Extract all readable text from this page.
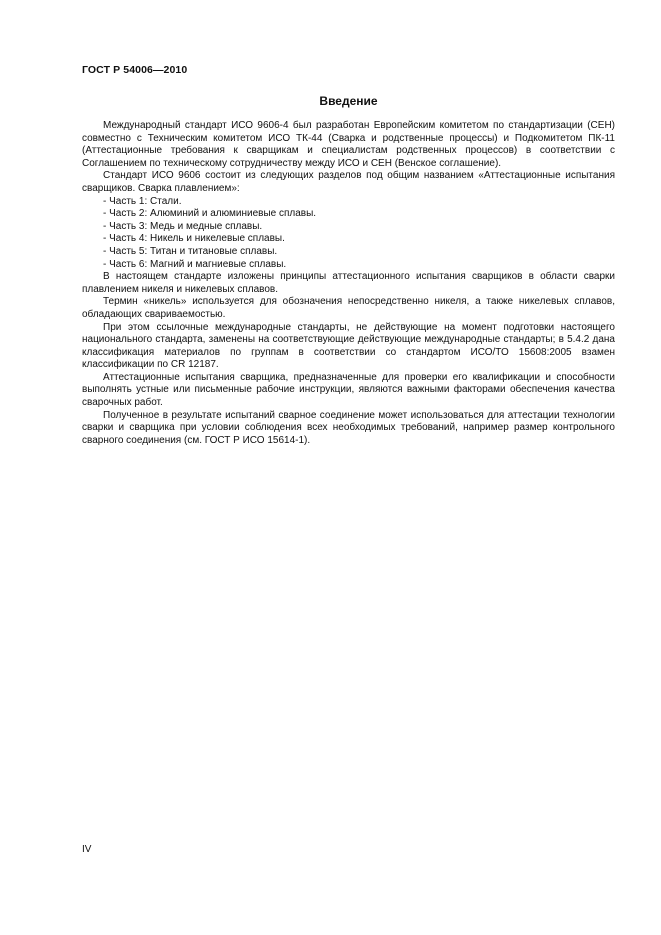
ГОСТ Р 54006—2010
Введение

Международный стандарт ИСО 9606-4 был разработан Европейским комитетом по стандартизации (СЕН) совместно с Техническим комитетом ИСО ТК-44 (Сварка и родственные процессы) и Подкомитетом ПК-11 (Аттестационные требования к сварщикам и специалистам родственных процессов) в соответствии с Соглашением по техническому сотрудничеству между ИСО и СЕН (Венское соглашение).

Стандарт ИСО 9606 состоит из следующих разделов под общим названием «Аттестационные испытания сварщиков. Сварка плавлением»:

- Часть 1: Стали.

- Часть 2: Алюминий и алюминиевые сплавы.

- Часть 3: Медь и медные сплавы.

- Часть 4: Никель и никелевые сплавы.

- Часть 5: Титан и титановые сплавы.

- Часть 6: Магний и магниевые сплавы.

В настоящем стандарте изложены принципы аттестационного испытания сварщиков в области сварки плавлением никеля и никелевых сплавов.

Термин «никель» используется для обозначения непосредственно никеля, а также никелевых сплавов, обладающих свариваемостью.

При этом ссылочные международные стандарты, не действующие на момент подготовки настоящего национального стандарта, заменены на соответствующие действующие международные стандарты; в 5.4.2 дана классификация материалов по группам в соответствии со стандартом ИСО/ТО 15608:2005 взамен классификации по CR 12187.

Аттестационные испытания сварщика, предназначенные для проверки его квалификации и способности выполнять устные или письменные рабочие инструкции, являются важными факторами обеспечения качества сварочных работ.

Полученное в результате испытаний сварное соединение может использоваться для аттестации технологии сварки и сварщика при условии соблюдения всех необходимых требований, например размер контрольного сварного соединения (см. ГОСТ Р ИСО 15614-1).

IV
